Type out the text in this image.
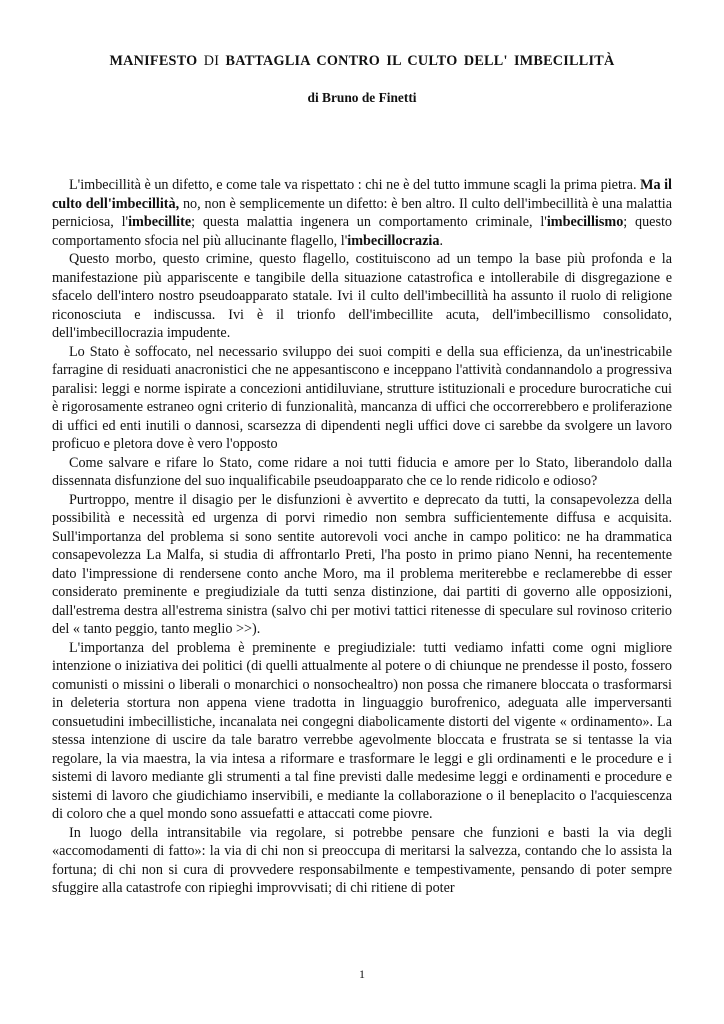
MANIFESTO DI BATTAGLIA CONTRO IL CULTO DELL' IMBECILLITÀ
di Bruno de Finetti

L'imbecillità è un difetto, e come tale va rispettato : chi ne è del tutto immune scagli la prima pietra. Ma il culto dell'imbecillità, no, non è semplicemente un difetto: è ben altro. Il culto dell'imbecillità è una malattia perniciosa, l'imbecillite; questa malattia ingenera un comportamento criminale, l'imbecillismo; questo comportamento sfocia nel più allucinante flagello, l'imbecillocrazia.

Questo morbo, questo crimine, questo flagello, costituiscono ad un tempo la base più profonda e la manifestazione più appariscente e tangibile della situazione catastrofica e intollerabile di disgregazione e sfacelo dell'intero nostro pseudoapparato statale. Ivi il culto dell'imbecillità ha assunto il ruolo di religione riconosciuta e indiscussa. Ivi è il trionfo dell'imbecillite acuta, dell'imbecillismo consolidato, dell'imbecillocrazia impudente.

Lo Stato è soffocato, nel necessario sviluppo dei suoi compiti e della sua efficienza, da un'inestricabile farragine di residuati anacronistici che ne appesantiscono e inceppano l'attività condannandolo a progressiva paralisi: leggi e norme ispirate a concezioni antidiluviane, strutture istituzionali e procedure burocratiche cui è rigorosamente estraneo ogni criterio di funzionalità, mancanza di uffici che occorrerebbero e proliferazione di uffici ed enti inutili o dannosi, scarsezza di dipendenti negli uffici dove ci sarebbe da svolgere un lavoro proficuo e pletora dove è vero l'opposto

Come salvare e rifare lo Stato, come ridare a noi tutti fiducia e amore per lo Stato, liberandolo dalla dissennata disfunzione del suo inqualificabile pseudoapparato che ce lo rende ridicolo e odioso?

Purtroppo, mentre il disagio per le disfunzioni è avvertito e deprecato da tutti, la consapevolezza della possibilità e necessità ed urgenza di porvi rimedio non sembra sufficientemente diffusa e acquisita. Sull'importanza del problema si sono sentite autorevoli voci anche in campo politico: ne ha drammatica consapevolezza La Malfa, si studia di affrontarlo Preti, l'ha posto in primo piano Nenni, ha recentemente dato l'impressione di rendersene conto anche Moro, ma il problema meriterebbe e reclamerebbe di esser considerato preminente e pregiudiziale da tutti senza distinzione, dai partiti di governo alle opposizioni, dall'estrema destra all'estrema sinistra (salvo chi per motivi tattici ritenesse di speculare sul rovinoso criterio del « tanto peggio, tanto meglio >>).

L'importanza del problema è preminente e pregiudiziale: tutti vediamo infatti come ogni migliore intenzione o iniziativa dei politici (di quelli attualmente al potere o di chiunque ne prendesse il posto, fossero comunisti o missini o liberali o monarchici o nonsochealtro) non possa che rimanere bloccata o trasformarsi in deleteria stortura non appena viene tradotta in linguaggio burofrenico, adeguata alle imperversanti consuetudini imbecillistiche, incanalata nei congegni diabolicamente distorti del vigente « ordinamento». La stessa intenzione di uscire da tale baratro verrebbe agevolmente bloccata e frustrata se si tentasse la via regolare, la via maestra, la via intesa a riformare e trasformare le leggi e gli ordinamenti e le procedure e i sistemi di lavoro mediante gli strumenti a tal fine previsti dalle medesime leggi e ordinamenti e procedure e sistemi di lavoro che giudichiamo inservibili, e mediante la collaborazione o il beneplacito o l'acquiescenza di coloro che a quel mondo sono assuefatti e attaccati come piovre.

In luogo della intransitabile via regolare, si potrebbe pensare che funzioni e basti la via degli «accomodamenti di fatto»: la via di chi non si preoccupa di meritarsi la salvezza, contando che lo assista la fortuna; di chi non si cura di provvedere responsabilmente e tempestivamente, pensando di poter sempre sfuggire alla catastrofe con ripieghi improvvisati; di chi ritiene di poter

1
